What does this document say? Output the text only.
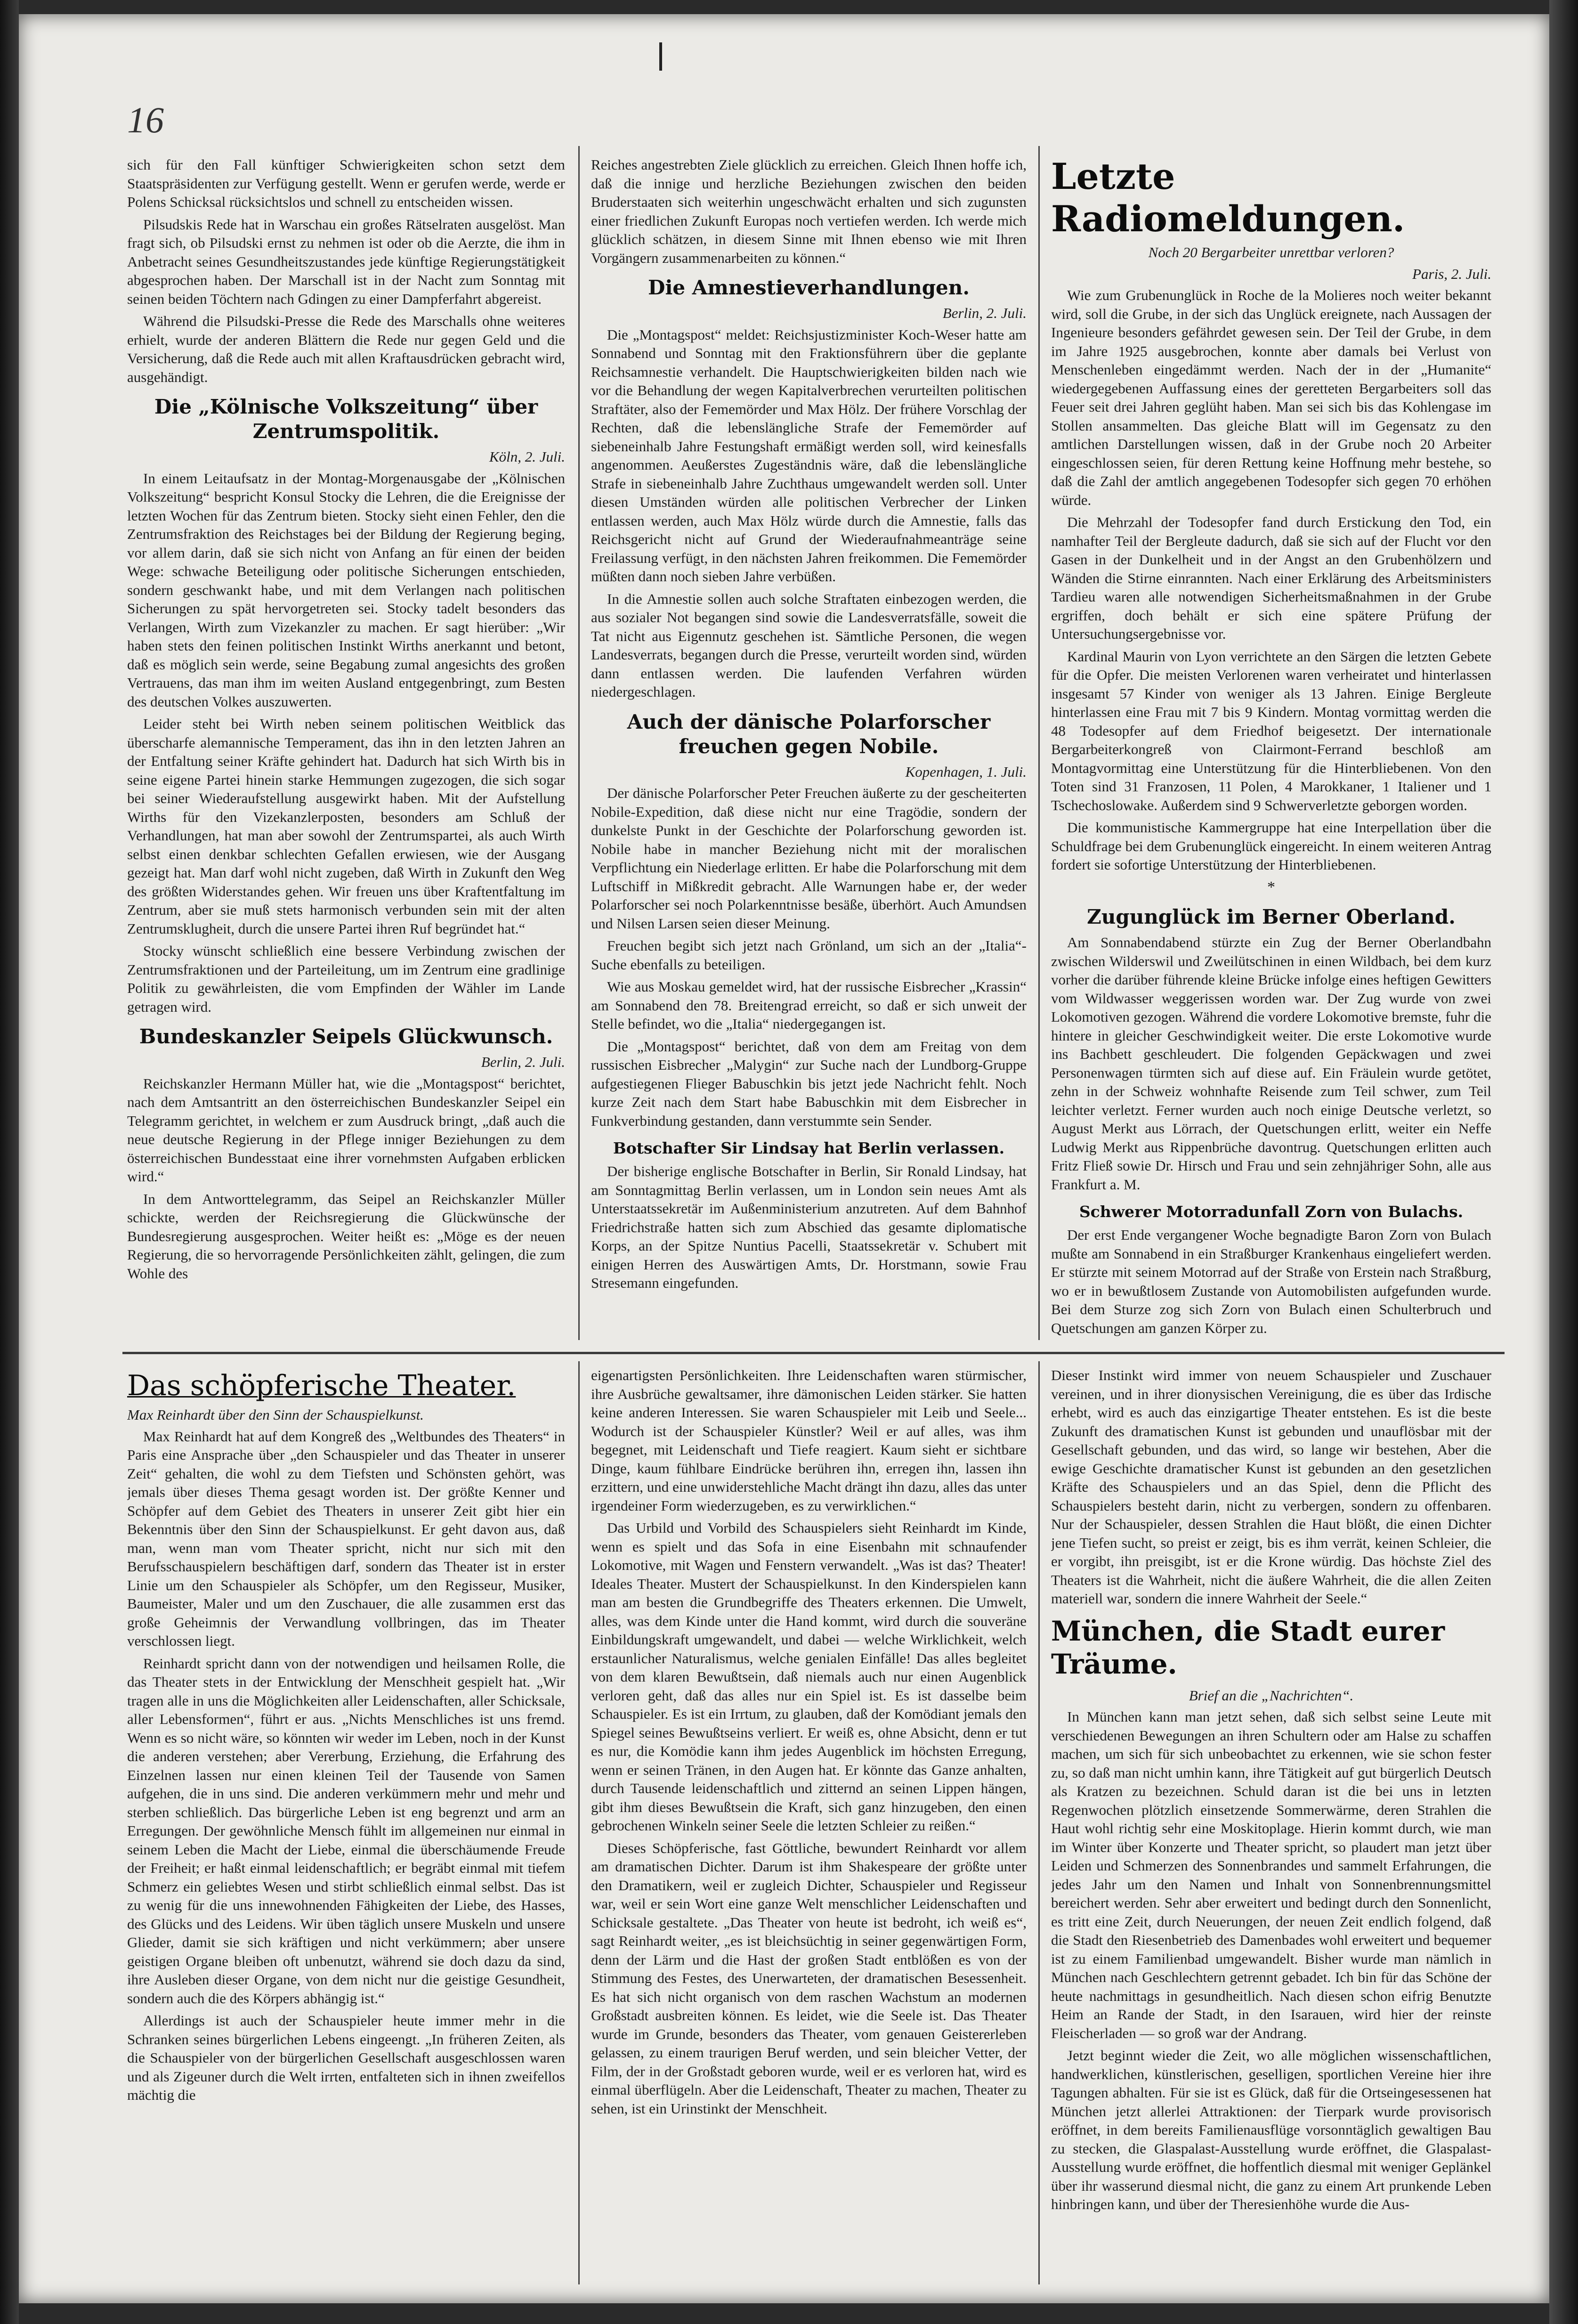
16

sich für den Fall künftiger Schwierigkeiten schon setzt dem Staatspräsidenten zur Verfügung gestellt. Wenn er gerufen werde, werde er Polens Schicksal rücksichtslos und schnell zu entscheiden wissen.

Pilsudskis Rede hat in Warschau ein großes Rätselraten ausgelöst. Man fragt sich, ob Pilsudski ernst zu nehmen ist oder ob die Aerzte, die ihm in Anbetracht seines Gesundheitszustandes jede künftige Regierungstätigkeit abgesprochen haben. Der Marschall ist in der Nacht zum Sonntag mit seinen beiden Töchtern nach Gdingen zu einer Dampferfahrt abgereist.

Während die Pilsudski-Presse die Rede des Marschalls ohne weiteres erhielt, wurde der anderen Blättern die Rede nur gegen Geld und die Versicherung, daß die Rede auch mit allen Kraftausdrücken gebracht wird, ausgehändigt.

Die „Kölnische Volkszeitung“ über Zentrumspolitik.
Köln, 2. Juli.

In einem Leitaufsatz in der Montag-Morgenausgabe der „Kölnischen Volkszeitung“ bespricht Konsul Stocky die Lehren, die die Ereignisse der letzten Wochen für das Zentrum bieten. Stocky sieht einen Fehler, den die Zentrumsfraktion des Reichstages bei der Bildung der Regierung beging, vor allem darin, daß sie sich nicht von Anfang an für einen der beiden Wege: schwache Beteiligung oder politische Sicherungen entschieden, sondern geschwankt habe, und mit dem Verlangen nach politischen Sicherungen zu spät hervorgetreten sei. Stocky tadelt besonders das Verlangen, Wirth zum Vizekanzler zu machen. Er sagt hierüber: „Wir haben stets den feinen politischen Instinkt Wirths anerkannt und betont, daß es möglich sein werde, seine Begabung zumal angesichts des großen Vertrauens, das man ihm im weiten Ausland entgegenbringt, zum Besten des deutschen Volkes auszuwerten.

Leider steht bei Wirth neben seinem politischen Weitblick das überscharfe alemannische Temperament, das ihn in den letzten Jahren an der Entfaltung seiner Kräfte gehindert hat. Dadurch hat sich Wirth bis in seine eigene Partei hinein starke Hemmungen zugezogen, die sich sogar bei seiner Wiederaufstellung ausgewirkt haben. Mit der Aufstellung Wirths für den Vizekanzlerposten, besonders am Schluß der Verhandlungen, hat man aber sowohl der Zentrumspartei, als auch Wirth selbst einen denkbar schlechten Gefallen erwiesen, wie der Ausgang gezeigt hat. Man darf wohl nicht zugeben, daß Wirth in Zukunft den Weg des größten Widerstandes gehen. Wir freuen uns über Kraftentfaltung im Zentrum, aber sie muß stets harmonisch verbunden sein mit der alten Zentrumsklugheit, durch die unsere Partei ihren Ruf begründet hat.“

Stocky wünscht schließlich eine bessere Verbindung zwischen der Zentrumsfraktionen und der Parteileitung, um im Zentrum eine gradlinige Politik zu gewährleisten, die vom Empfinden der Wähler im Lande getragen wird.

Bundeskanzler Seipels Glückwunsch.
Berlin, 2. Juli.

Reichskanzler Hermann Müller hat, wie die „Montagspost“ berichtet, nach dem Amtsantritt an den österreichischen Bundeskanzler Seipel ein Telegramm gerichtet, in welchem er zum Ausdruck bringt, „daß auch die neue deutsche Regierung in der Pflege inniger Beziehungen zu dem österreichischen Bundesstaat eine ihrer vornehmsten Aufgaben erblicken wird.“

In dem Antworttelegramm, das Seipel an Reichskanzler Müller schickte, werden der Reichsregierung die Glückwünsche der Bundesregierung ausgesprochen. Weiter heißt es: „Möge es der neuen Regierung, die so hervorragende Persönlichkeiten zählt, gelingen, die zum Wohle des

Reiches angestrebten Ziele glücklich zu erreichen. Gleich Ihnen hoffe ich, daß die innige und herzliche Beziehungen zwischen den beiden Bruderstaaten sich weiterhin ungeschwächt erhalten und sich zugunsten einer friedlichen Zukunft Europas noch vertiefen werden. Ich werde mich glücklich schätzen, in diesem Sinne mit Ihnen ebenso wie mit Ihren Vorgängern zusammenarbeiten zu können.“

Die Amnestieverhandlungen.
Berlin, 2. Juli.

Die „Montagspost“ meldet: Reichsjustizminister Koch-Weser hatte am Sonnabend und Sonntag mit den Fraktionsführern über die geplante Reichsamnestie verhandelt. Die Hauptschwierigkeiten bilden nach wie vor die Behandlung der wegen Kapitalverbrechen verurteilten politischen Straftäter, also der Fememörder und Max Hölz. Der frühere Vorschlag der Rechten, daß die lebenslängliche Strafe der Fememörder auf siebeneinhalb Jahre Festungshaft ermäßigt werden soll, wird keinesfalls angenommen. Aeußerstes Zugeständnis wäre, daß die lebenslängliche Strafe in siebeneinhalb Jahre Zuchthaus umgewandelt werden soll. Unter diesen Umständen würden alle politischen Verbrecher der Linken entlassen werden, auch Max Hölz würde durch die Amnestie, falls das Reichsgericht nicht auf Grund der Wiederaufnahmeanträge seine Freilassung verfügt, in den nächsten Jahren freikommen. Die Fememörder müßten dann noch sieben Jahre verbüßen.

In die Amnestie sollen auch solche Straftaten einbezogen werden, die aus sozialer Not begangen sind sowie die Landesverratsfälle, soweit die Tat nicht aus Eigennutz geschehen ist. Sämtliche Personen, die wegen Landesverrats, begangen durch die Presse, verurteilt worden sind, würden dann entlassen werden. Die laufenden Verfahren würden niedergeschlagen.

Auch der dänische Polarforscher freuchen gegen Nobile.
Kopenhagen, 1. Juli.

Der dänische Polarforscher Peter Freuchen äußerte zu der gescheiterten Nobile-Expedition, daß diese nicht nur eine Tragödie, sondern der dunkelste Punkt in der Geschichte der Polarforschung geworden ist. Nobile habe in mancher Beziehung nicht mit der moralischen Verpflichtung ein Niederlage erlitten. Er habe die Polarforschung mit dem Luftschiff in Mißkredit gebracht. Alle Warnungen habe er, der weder Polarforscher sei noch Polarkenntnisse besäße, überhört. Auch Amundsen und Nilsen Larsen seien dieser Meinung.

Freuchen begibt sich jetzt nach Grönland, um sich an der „Italia“-Suche ebenfalls zu beteiligen.

Wie aus Moskau gemeldet wird, hat der russische Eisbrecher „Krassin“ am Sonnabend den 78. Breitengrad erreicht, so daß er sich unweit der Stelle befindet, wo die „Italia“ niedergegangen ist.

Die „Montagspost“ berichtet, daß von dem am Freitag von dem russischen Eisbrecher „Malygin“ zur Suche nach der Lundborg-Gruppe aufgestiegenen Flieger Babuschkin bis jetzt jede Nachricht fehlt. Noch kurze Zeit nach dem Start habe Babuschkin mit dem Eisbrecher in Funkverbindung gestanden, dann verstummte sein Sender.

Botschafter Sir Lindsay hat Berlin verlassen.

Der bisherige englische Botschafter in Berlin, Sir Ronald Lindsay, hat am Sonntagmittag Berlin verlassen, um in London sein neues Amt als Unterstaatssekretär im Außenministerium anzutreten. Auf dem Bahnhof Friedrichstraße hatten sich zum Abschied das gesamte diplomatische Korps, an der Spitze Nuntius Pacelli, Staatssekretär v. Schubert mit einigen Herren des Auswärtigen Amts, Dr. Horstmann, sowie Frau Stresemann eingefunden.

Letzte Radiomeldungen.
Noch 20 Bergarbeiter unrettbar verloren?
Paris, 2. Juli.

Wie zum Grubenunglück in Roche de la Molieres noch weiter bekannt wird, soll die Grube, in der sich das Unglück ereignete, nach Aussagen der Ingenieure besonders gefährdet gewesen sein. Der Teil der Grube, in dem im Jahre 1925 ausgebrochen, konnte aber damals bei Verlust von Menschenleben eingedämmt werden. Nach der in der „Humanite“ wiedergegebenen Auffassung eines der geretteten Bergarbeiters soll das Feuer seit drei Jahren geglüht haben. Man sei sich bis das Kohlengase im Stollen ansammelten. Das gleiche Blatt will im Gegensatz zu den amtlichen Darstellungen wissen, daß in der Grube noch 20 Arbeiter eingeschlossen seien, für deren Rettung keine Hoffnung mehr bestehe, so daß die Zahl der amtlich angegebenen Todesopfer sich gegen 70 erhöhen würde.

Die Mehrzahl der Todesopfer fand durch Erstickung den Tod, ein namhafter Teil der Bergleute dadurch, daß sie sich auf der Flucht vor den Gasen in der Dunkelheit und in der Angst an den Grubenhölzern und Wänden die Stirne einrannten. Nach einer Erklärung des Arbeitsministers Tardieu waren alle notwendigen Sicherheitsmaßnahmen in der Grube ergriffen, doch behält er sich eine spätere Prüfung der Untersuchungsergebnisse vor.

Kardinal Maurin von Lyon verrichtete an den Särgen die letzten Gebete für die Opfer. Die meisten Verlorenen waren verheiratet und hinterlassen insgesamt 57 Kinder von weniger als 13 Jahren. Einige Bergleute hinterlassen eine Frau mit 7 bis 9 Kindern. Montag vormittag werden die 48 Todesopfer auf dem Friedhof beigesetzt. Der internationale Bergarbeiterkongreß von Clairmont-Ferrand beschloß am Montagvormittag eine Unterstützung für die Hinterbliebenen. Von den Toten sind 31 Franzosen, 11 Polen, 4 Marokkaner, 1 Italiener und 1 Tschechoslowake. Außerdem sind 9 Schwerverletzte geborgen worden.

Die kommunistische Kammergruppe hat eine Interpellation über die Schuldfrage bei dem Grubenunglück eingereicht. In einem weiteren Antrag fordert sie sofortige Unterstützung der Hinterbliebenen.

*
Zugunglück im Berner Oberland.

Am Sonnabendabend stürzte ein Zug der Berner Oberlandbahn zwischen Wilderswil und Zweilütschinen in einen Wildbach, bei dem kurz vorher die darüber führende kleine Brücke infolge eines heftigen Gewitters vom Wildwasser weggerissen worden war. Der Zug wurde von zwei Lokomotiven gezogen. Während die vordere Lokomotive bremste, fuhr die hintere in gleicher Geschwindigkeit weiter. Die erste Lokomotive wurde ins Bachbett geschleudert. Die folgenden Gepäckwagen und zwei Personenwagen türmten sich auf diese auf. Ein Fräulein wurde getötet, zehn in der Schweiz wohnhafte Reisende zum Teil schwer, zum Teil leichter verletzt. Ferner wurden auch noch einige Deutsche verletzt, so August Merkt aus Lörrach, der Quetschungen erlitt, weiter ein Neffe Ludwig Merkt aus Rippenbrüche davontrug. Quetschungen erlitten auch Fritz Fließ sowie Dr. Hirsch und Frau und sein zehnjähriger Sohn, alle aus Frankfurt a. M.

Schwerer Motorradunfall Zorn von Bulachs.

Der erst Ende vergangener Woche begnadigte Baron Zorn von Bulach mußte am Sonnabend in ein Straßburger Krankenhaus eingeliefert werden. Er stürzte mit seinem Motorrad auf der Straße von Erstein nach Straßburg, wo er in bewußtlosem Zustande von Automobilisten aufgefunden wurde. Bei dem Sturze zog sich Zorn von Bulach einen Schulterbruch und Quetschungen am ganzen Körper zu.

Das schöpferische Theater.
Max Reinhardt über den Sinn der Schauspielkunst.

Max Reinhardt hat auf dem Kongreß des „Weltbundes des Theaters“ in Paris eine Ansprache über „den Schauspieler und das Theater in unserer Zeit“ gehalten, die wohl zu dem Tiefsten und Schönsten gehört, was jemals über dieses Thema gesagt worden ist. Der größte Kenner und Schöpfer auf dem Gebiet des Theaters in unserer Zeit gibt hier ein Bekenntnis über den Sinn der Schauspielkunst. Er geht davon aus, daß man, wenn man vom Theater spricht, nicht nur sich mit den Berufsschauspielern beschäftigen darf, sondern das Theater ist in erster Linie um den Schauspieler als Schöpfer, um den Regisseur, Musiker, Baumeister, Maler und um den Zuschauer, die alle zusammen erst das große Geheimnis der Verwandlung vollbringen, das im Theater verschlossen liegt.

Reinhardt spricht dann von der notwendigen und heilsamen Rolle, die das Theater stets in der Entwicklung der Menschheit gespielt hat. „Wir tragen alle in uns die Möglichkeiten aller Leidenschaften, aller Schicksale, aller Lebensformen“, führt er aus. „Nichts Menschliches ist uns fremd. Wenn es so nicht wäre, so könnten wir weder im Leben, noch in der Kunst die anderen verstehen; aber Vererbung, Erziehung, die Erfahrung des Einzelnen lassen nur einen kleinen Teil der Tausende von Samen aufgehen, die in uns sind. Die anderen verkümmern mehr und mehr und sterben schließlich. Das bürgerliche Leben ist eng begrenzt und arm an Erregungen. Der gewöhnliche Mensch fühlt im allgemeinen nur einmal in seinem Leben die Macht der Liebe, einmal die überschäumende Freude der Freiheit; er haßt einmal leidenschaftlich; er begräbt einmal mit tiefem Schmerz ein geliebtes Wesen und stirbt schließlich einmal selbst. Das ist zu wenig für die uns innewohnenden Fähigkeiten der Liebe, des Hasses, des Glücks und des Leidens. Wir üben täglich unsere Muskeln und unsere Glieder, damit sie sich kräftigen und nicht verkümmern; aber unsere geistigen Organe bleiben oft unbenutzt, während sie doch dazu da sind, ihre Ausleben dieser Organe, von dem nicht nur die geistige Gesundheit, sondern auch die des Körpers abhängig ist.“

Allerdings ist auch der Schauspieler heute immer mehr in die Schranken seines bürgerlichen Lebens eingeengt. „In früheren Zeiten, als die Schauspieler von der bürgerlichen Gesellschaft ausgeschlossen waren und als Zigeuner durch die Welt irrten, entfalteten sich in ihnen zweifellos mächtig die

eigenartigsten Persönlichkeiten. Ihre Leidenschaften waren stürmischer, ihre Ausbrüche gewaltsamer, ihre dämonischen Leiden stärker. Sie hatten keine anderen Interessen. Sie waren Schauspieler mit Leib und Seele... Wodurch ist der Schauspieler Künstler? Weil er auf alles, was ihm begegnet, mit Leidenschaft und Tiefe reagiert. Kaum sieht er sichtbare Dinge, kaum fühlbare Eindrücke berühren ihn, erregen ihn, lassen ihn erzittern, und eine unwiderstehliche Macht drängt ihn dazu, alles das unter irgendeiner Form wiederzugeben, es zu verwirklichen.“

Das Urbild und Vorbild des Schauspielers sieht Reinhardt im Kinde, wenn es spielt und das Sofa in eine Eisenbahn mit schnaufender Lokomotive, mit Wagen und Fenstern verwandelt. „Was ist das? Theater! Ideales Theater. Mustert der Schauspielkunst. In den Kinderspielen kann man am besten die Grundbegriffe des Theaters erkennen. Die Umwelt, alles, was dem Kinde unter die Hand kommt, wird durch die souveräne Einbildungskraft umgewandelt, und dabei — welche Wirklichkeit, welch erstaunlicher Naturalismus, welche genialen Einfälle! Das alles begleitet von dem klaren Bewußtsein, daß niemals auch nur einen Augenblick verloren geht, daß das alles nur ein Spiel ist. Es ist dasselbe beim Schauspieler. Es ist ein Irrtum, zu glauben, daß der Komödiant jemals den Spiegel seines Bewußtseins verliert. Er weiß es, ohne Absicht, denn er tut es nur, die Komödie kann ihm jedes Augenblick im höchsten Erregung, wenn er seinen Tränen, in den Augen hat. Er könnte das Ganze anhalten, durch Tausende leidenschaftlich und zitternd an seinen Lippen hängen, gibt ihm dieses Bewußtsein die Kraft, sich ganz hinzugeben, den einen gebrochenen Winkeln seiner Seele die letzten Schleier zu reißen.“

Dieses Schöpferische, fast Göttliche, bewundert Reinhardt vor allem am dramatischen Dichter. Darum ist ihm Shakespeare der größte unter den Dramatikern, weil er zugleich Dichter, Schauspieler und Regisseur war, weil er sein Wort eine ganze Welt menschlicher Leidenschaften und Schicksale gestaltete. „Das Theater von heute ist bedroht, ich weiß es“, sagt Reinhardt weiter, „es ist bleichsüchtig in seiner gegenwärtigen Form, denn der Lärm und die Hast der großen Stadt entblößen es von der Stimmung des Festes, des Unerwarteten, der dramatischen Besessenheit. Es hat sich nicht organisch von dem raschen Wachstum an modernen Großstadt ausbreiten können. Es leidet, wie die Seele ist. Das Theater wurde im Grunde, besonders das Theater, vom genauen Geistererleben gelassen, zu einem traurigen Beruf werden, und sein bleicher Vetter, der Film, der in der Großstadt geboren wurde, weil er es verloren hat, wird es einmal überflügeln. Aber die Leidenschaft, Theater zu machen, Theater zu sehen, ist ein Urinstinkt der Menschheit.

Dieser Instinkt wird immer von neuem Schauspieler und Zuschauer vereinen, und in ihrer dionysischen Vereinigung, die es über das Irdische erhebt, wird es auch das einzigartige Theater entstehen. Es ist die beste Zukunft des dramatischen Kunst ist gebunden und unauflösbar mit der Gesellschaft gebunden, und das wird, so lange wir bestehen, Aber die ewige Geschichte dramatischer Kunst ist gebunden an den gesetzlichen Kräfte des Schauspielers und an das Spiel, denn die Pflicht des Schauspielers besteht darin, nicht zu verbergen, sondern zu offenbaren. Nur der Schauspieler, dessen Strahlen die Haut blößt, die einen Dichter jene Tiefen sucht, so preist er zeigt, bis es ihm verrät, keinen Schleier, die er vorgibt, ihn preisgibt, ist er die Krone würdig. Das höchste Ziel des Theaters ist die Wahrheit, nicht die äußere Wahrheit, die die allen Zeiten materiell war, sondern die innere Wahrheit der Seele.“

München, die Stadt eurer Träume.
Brief an die „Nachrichten“.

In München kann man jetzt sehen, daß sich selbst seine Leute mit verschiedenen Bewegungen an ihren Schultern oder am Halse zu schaffen machen, um sich für sich unbeobachtet zu erkennen, wie sie schon fester zu, so daß man nicht umhin kann, ihre Tätigkeit auf gut bürgerlich Deutsch als Kratzen zu bezeichnen. Schuld daran ist die bei uns in letzten Regenwochen plötzlich einsetzende Sommerwärme, deren Strahlen die Haut wohl richtig sehr eine Moskitoplage. Hierin kommt durch, wie man im Winter über Konzerte und Theater spricht, so plaudert man jetzt über Leiden und Schmerzen des Sonnenbrandes und sammelt Erfahrungen, die jedes Jahr um den Namen und Inhalt von Sonnenbrennungsmittel bereichert werden. Sehr aber erweitert und bedingt durch den Sonnenlicht, es tritt eine Zeit, durch Neuerungen, der neuen Zeit endlich folgend, daß die Stadt den Riesenbetrieb des Damenbades wohl erweitert und bequemer ist zu einem Familienbad umgewandelt. Bisher wurde man nämlich in München nach Geschlechtern getrennt gebadet. Ich bin für das Schöne der heute nachmittags in gesundheitlich. Nach diesen schon eifrig Benutzte Heim an Rande der Stadt, in den Isarauen, wird hier der reinste Fleischerladen — so groß war der Andrang.

Jetzt beginnt wieder die Zeit, wo alle möglichen wissenschaftlichen, handwerklichen, künstlerischen, geselligen, sportlichen Vereine hier ihre Tagungen abhalten. Für sie ist es Glück, daß für die Ortseingesessenen hat München jetzt allerlei Attraktionen: der Tierpark wurde provisorisch eröffnet, in dem bereits Familienausflüge vorsonntäglich gewaltigen Bau zu stecken, die Glaspalast-Ausstellung wurde eröffnet, die Glaspalast-Ausstellung wurde eröffnet, die hoffentlich diesmal mit weniger Geplänkel über ihr wasserund diesmal nicht, die ganz zu einem Art prunkende Leben hinbringen kann, und über der Theresienhöhe wurde die Aus-
